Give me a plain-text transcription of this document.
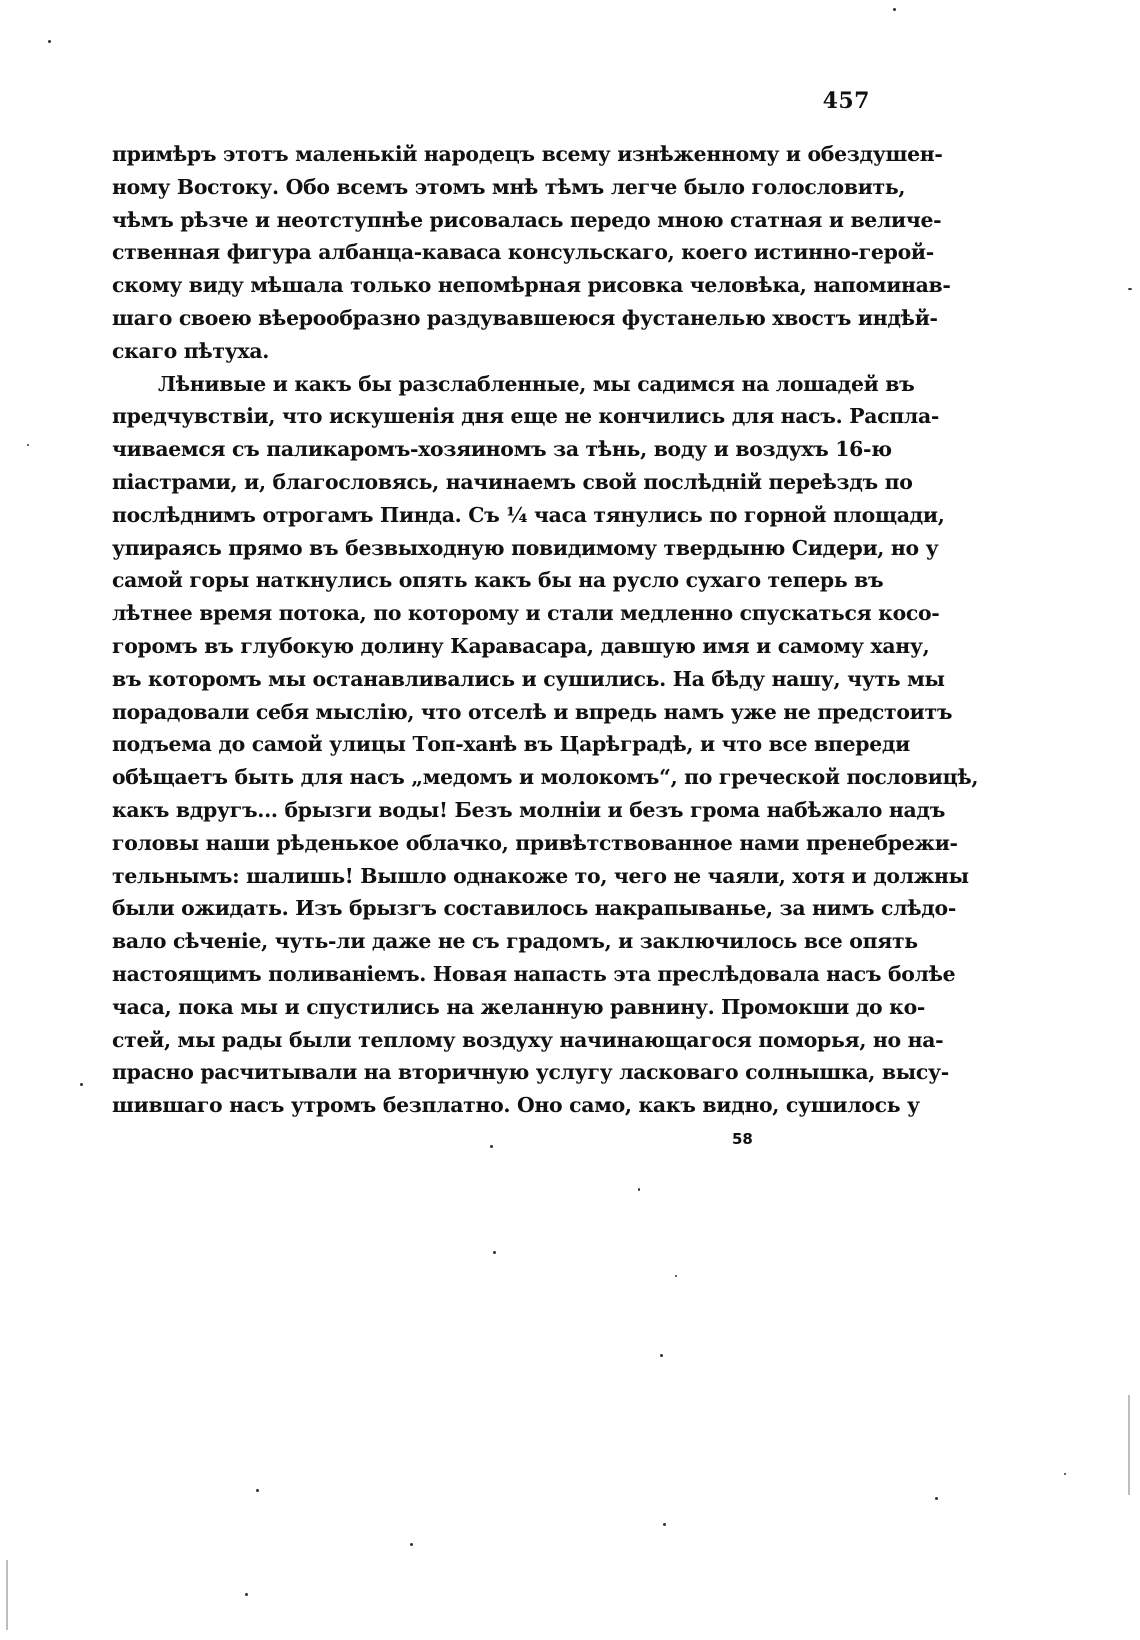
457
примѣръ этотъ маленькій народецъ всему изнѣженному и обездушен-
ному Востоку. Обо всемъ этомъ мнѣ тѣмъ легче было голословить,
чѣмъ рѣзче и неотступнѣе рисовалась передо мною статная и величе-
ственная фигура албанца-каваса консульскаго, коего истинно-герой-
скому виду мѣшала только непомѣрная рисовка человѣка, напоминав-
шаго своею вѣерообразно раздувавшеюся фустанелью хвостъ индѣй-
скаго пѣтуха.
Лѣнивые и какъ бы разслабленные, мы садимся на лошадей въ
предчувствіи, что искушенія дня еще не кончились для насъ. Распла-
чиваемся съ паликаромъ-хозяиномъ за тѣнь, воду и воздухъ 16-ю
піастрами, и, благословясь, начинаемъ свой послѣдній переѣздъ по
послѣднимъ отрогамъ Пинда. Съ ¼ часа тянулись по горной площади,
упираясь прямо въ безвыходную повидимому твердыню Сидери, но у
самой горы наткнулись опять какъ бы на русло сухаго теперь въ
лѣтнее время потока, по которому и стали медленно спускаться косо-
горомъ въ глубокую долину Каравасара, давшую имя и самому хану,
въ которомъ мы останавливались и сушились. На бѣду нашу, чуть мы
порадовали себя мыслію, что отселѣ и впредь намъ уже не предстоитъ
подъема до самой улицы Топ-ханѣ въ Царѣградѣ, и что все впереди
обѣщаетъ быть для насъ „медомъ и молокомъ“, по греческой пословицѣ,
какъ вдругъ... брызги воды! Безъ молніи и безъ грома набѣжало надъ
головы наши рѣденькое облачко, привѣтствованное нами пренебрежи-
тельнымъ: шалишь! Вышло однакоже то, чего не чаяли, хотя и должны
были ожидать. Изъ брызгъ составилось накрапыванье, за нимъ слѣдо-
вало сѣченіе, чуть-ли даже не съ градомъ, и заключилось все опять
настоящимъ поливаніемъ. Новая напасть эта преслѣдовала насъ болѣе
часа, пока мы и спустились на желанную равнину. Промокши до ко-
стей, мы рады были теплому воздуху начинающагося поморья, но на-
прасно расчитывали на вторичную услугу ласковаго солнышка, высу-
шившаго насъ утромъ безплатно. Оно само, какъ видно, сушилось у
58
